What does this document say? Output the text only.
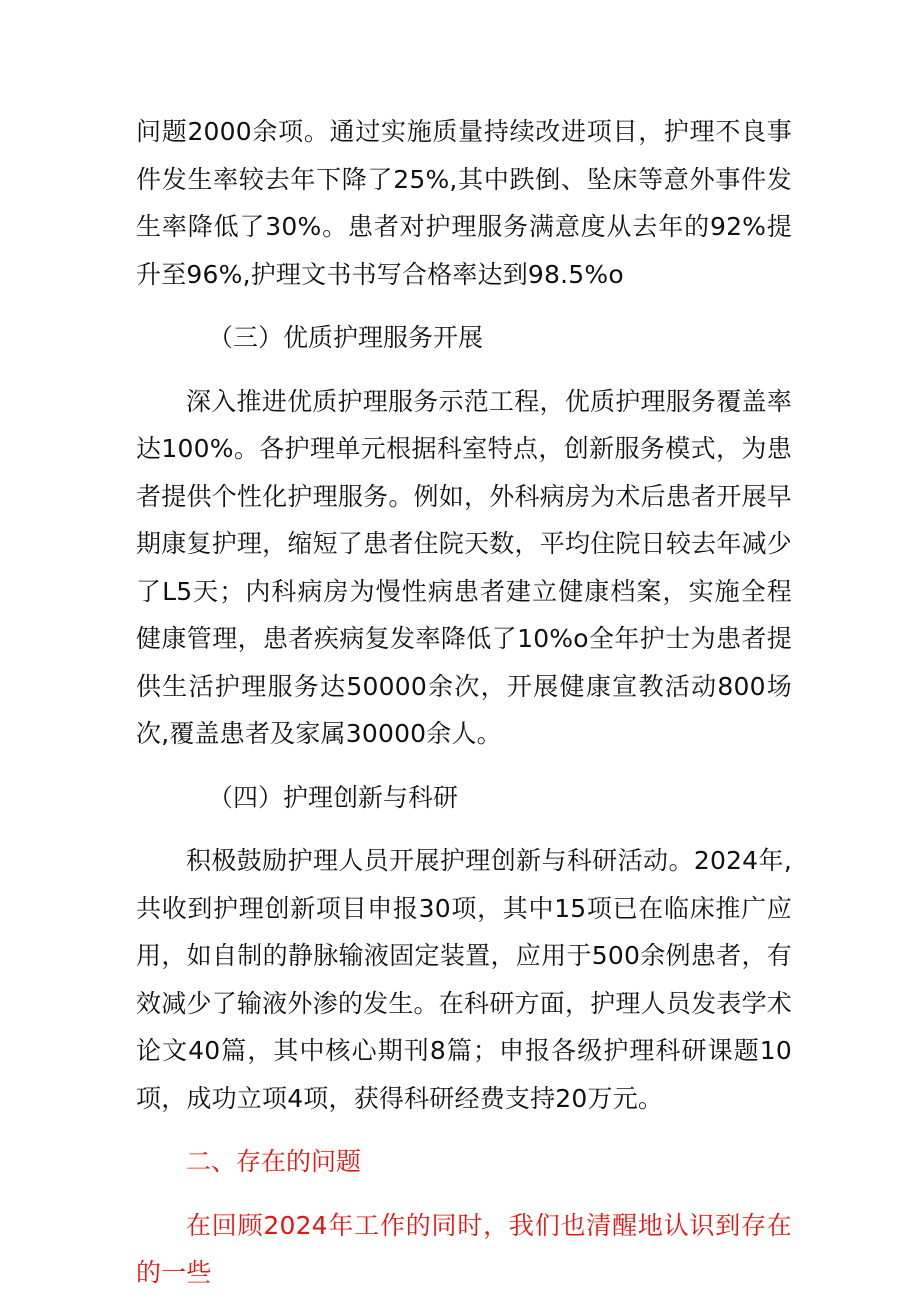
问题2000余项。通过实施质量持续改进项目，护理不良事件发生率较去年下降了25%,其中跌倒、坠床等意外事件发生率降低了30%。患者对护理服务满意度从去年的92%提升至96%,护理文书书写合格率达到98.5%o

（三）优质护理服务开展

深入推进优质护理服务示范工程，优质护理服务覆盖率达100%。各护理单元根据科室特点，创新服务模式，为患者提供个性化护理服务。例如，外科病房为术后患者开展早期康复护理，缩短了患者住院天数，平均住院日较去年减少了L5天；内科病房为慢性病患者建立健康档案，实施全程健康管理，患者疾病复发率降低了10%o全年护士为患者提供生活护理服务达50000余次，开展健康宣教活动800场次,覆盖患者及家属30000余人。

（四）护理创新与科研

积极鼓励护理人员开展护理创新与科研活动。2024年,共收到护理创新项目申报30项，其中15项已在临床推广应用，如自制的静脉输液固定装置，应用于500余例患者，有效减少了输液外渗的发生。在科研方面，护理人员发表学术论文40篇，其中核心期刊8篇；申报各级护理科研课题10项，成功立项4项，获得科研经费支持20万元。

二、存在的问题

在回顾2024年工作的同时，我们也清醒地认识到存在的一些
